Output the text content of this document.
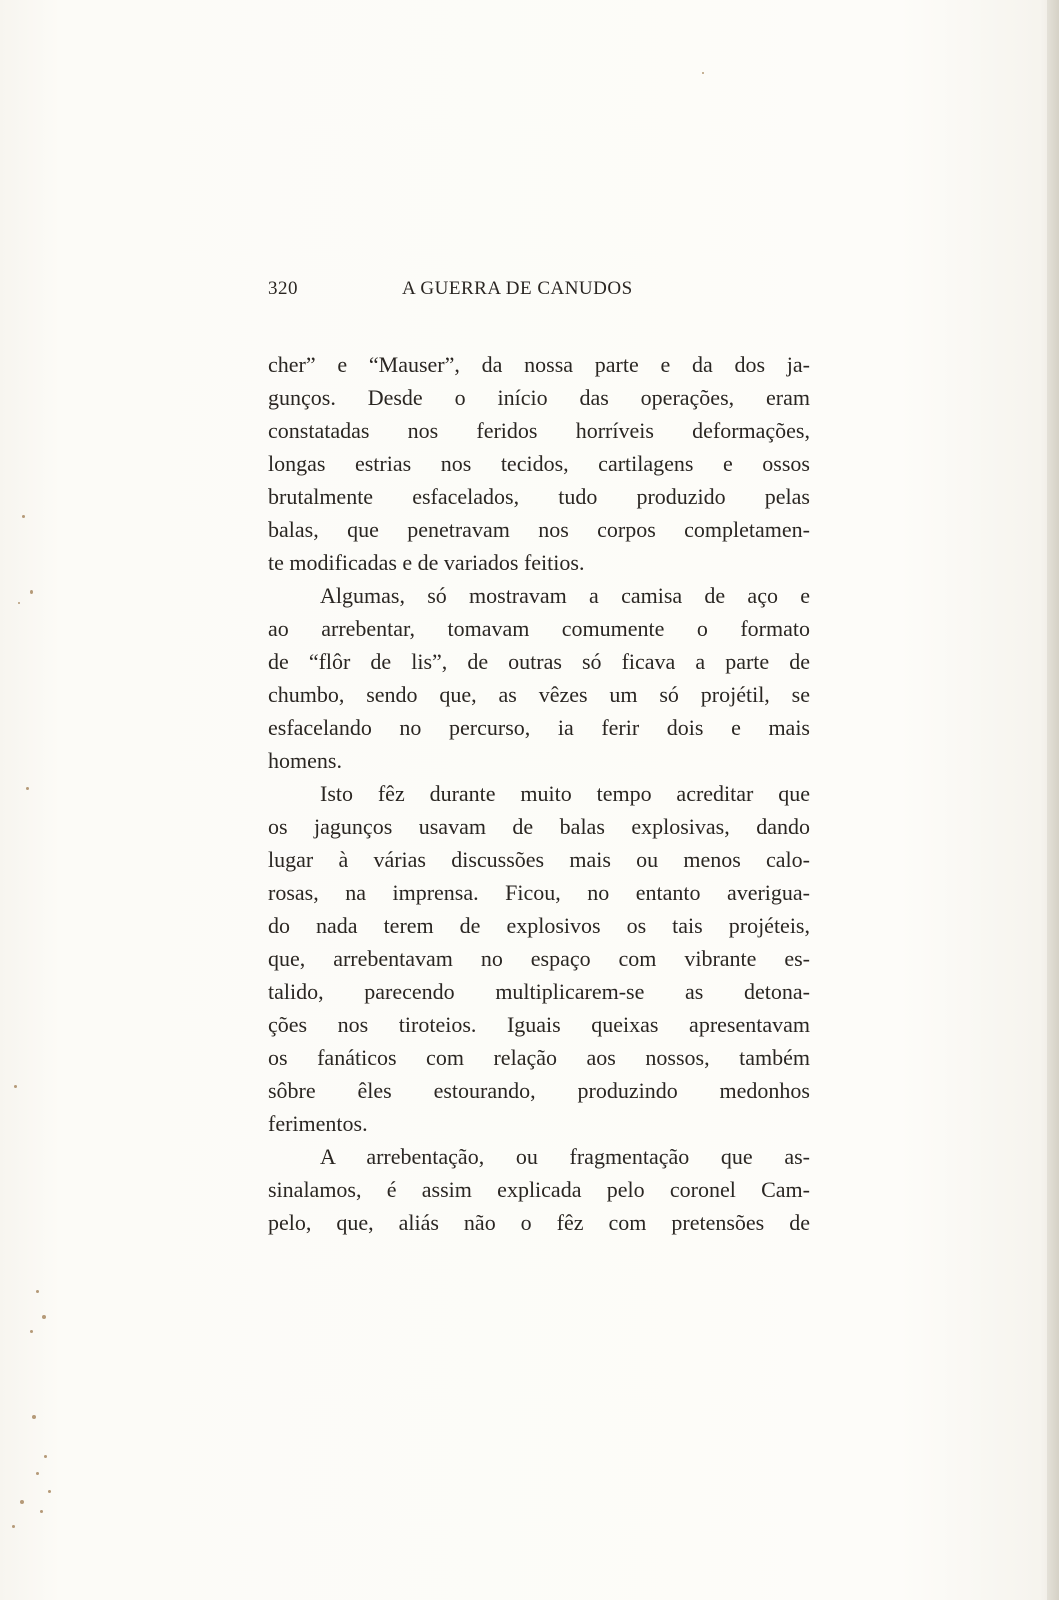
320	A GUERRA DE CANUDOS
cher” e “Mauser”, da nossa parte e da dos ja-
gunços. Desde o início das operações, eram
constatadas nos feridos horríveis deformações,
longas estrias nos tecidos, cartilagens e ossos
brutalmente esfacelados, tudo produzido pelas
balas, que penetravam nos corpos completamen-
te modificadas e de variados feitios.
Algumas, só mostravam a camisa de aço e
ao arrebentar, tomavam comumente o formato
de “flôr de lis”, de outras só ficava a parte de
chumbo, sendo que, as vêzes um só projétil, se
esfacelando no percurso, ia ferir dois e mais
homens.
Isto fêz durante muito tempo acreditar que
os jagunços usavam de balas explosivas, dando
lugar à várias discussões mais ou menos calo-
rosas, na imprensa. Ficou, no entanto averigua-
do nada terem de explosivos os tais projéteis,
que, arrebentavam no espaço com vibrante es-
talido, parecendo multiplicarem-se as detona-
ções nos tiroteios. Iguais queixas apresentavam
os fanáticos com relação aos nossos, também
sôbre êles estourando, produzindo medonhos
ferimentos.
A arrebentação, ou fragmentação que as-
sinalamos, é assim explicada pelo coronel Cam-
pelo, que, aliás não o fêz com pretensões de
